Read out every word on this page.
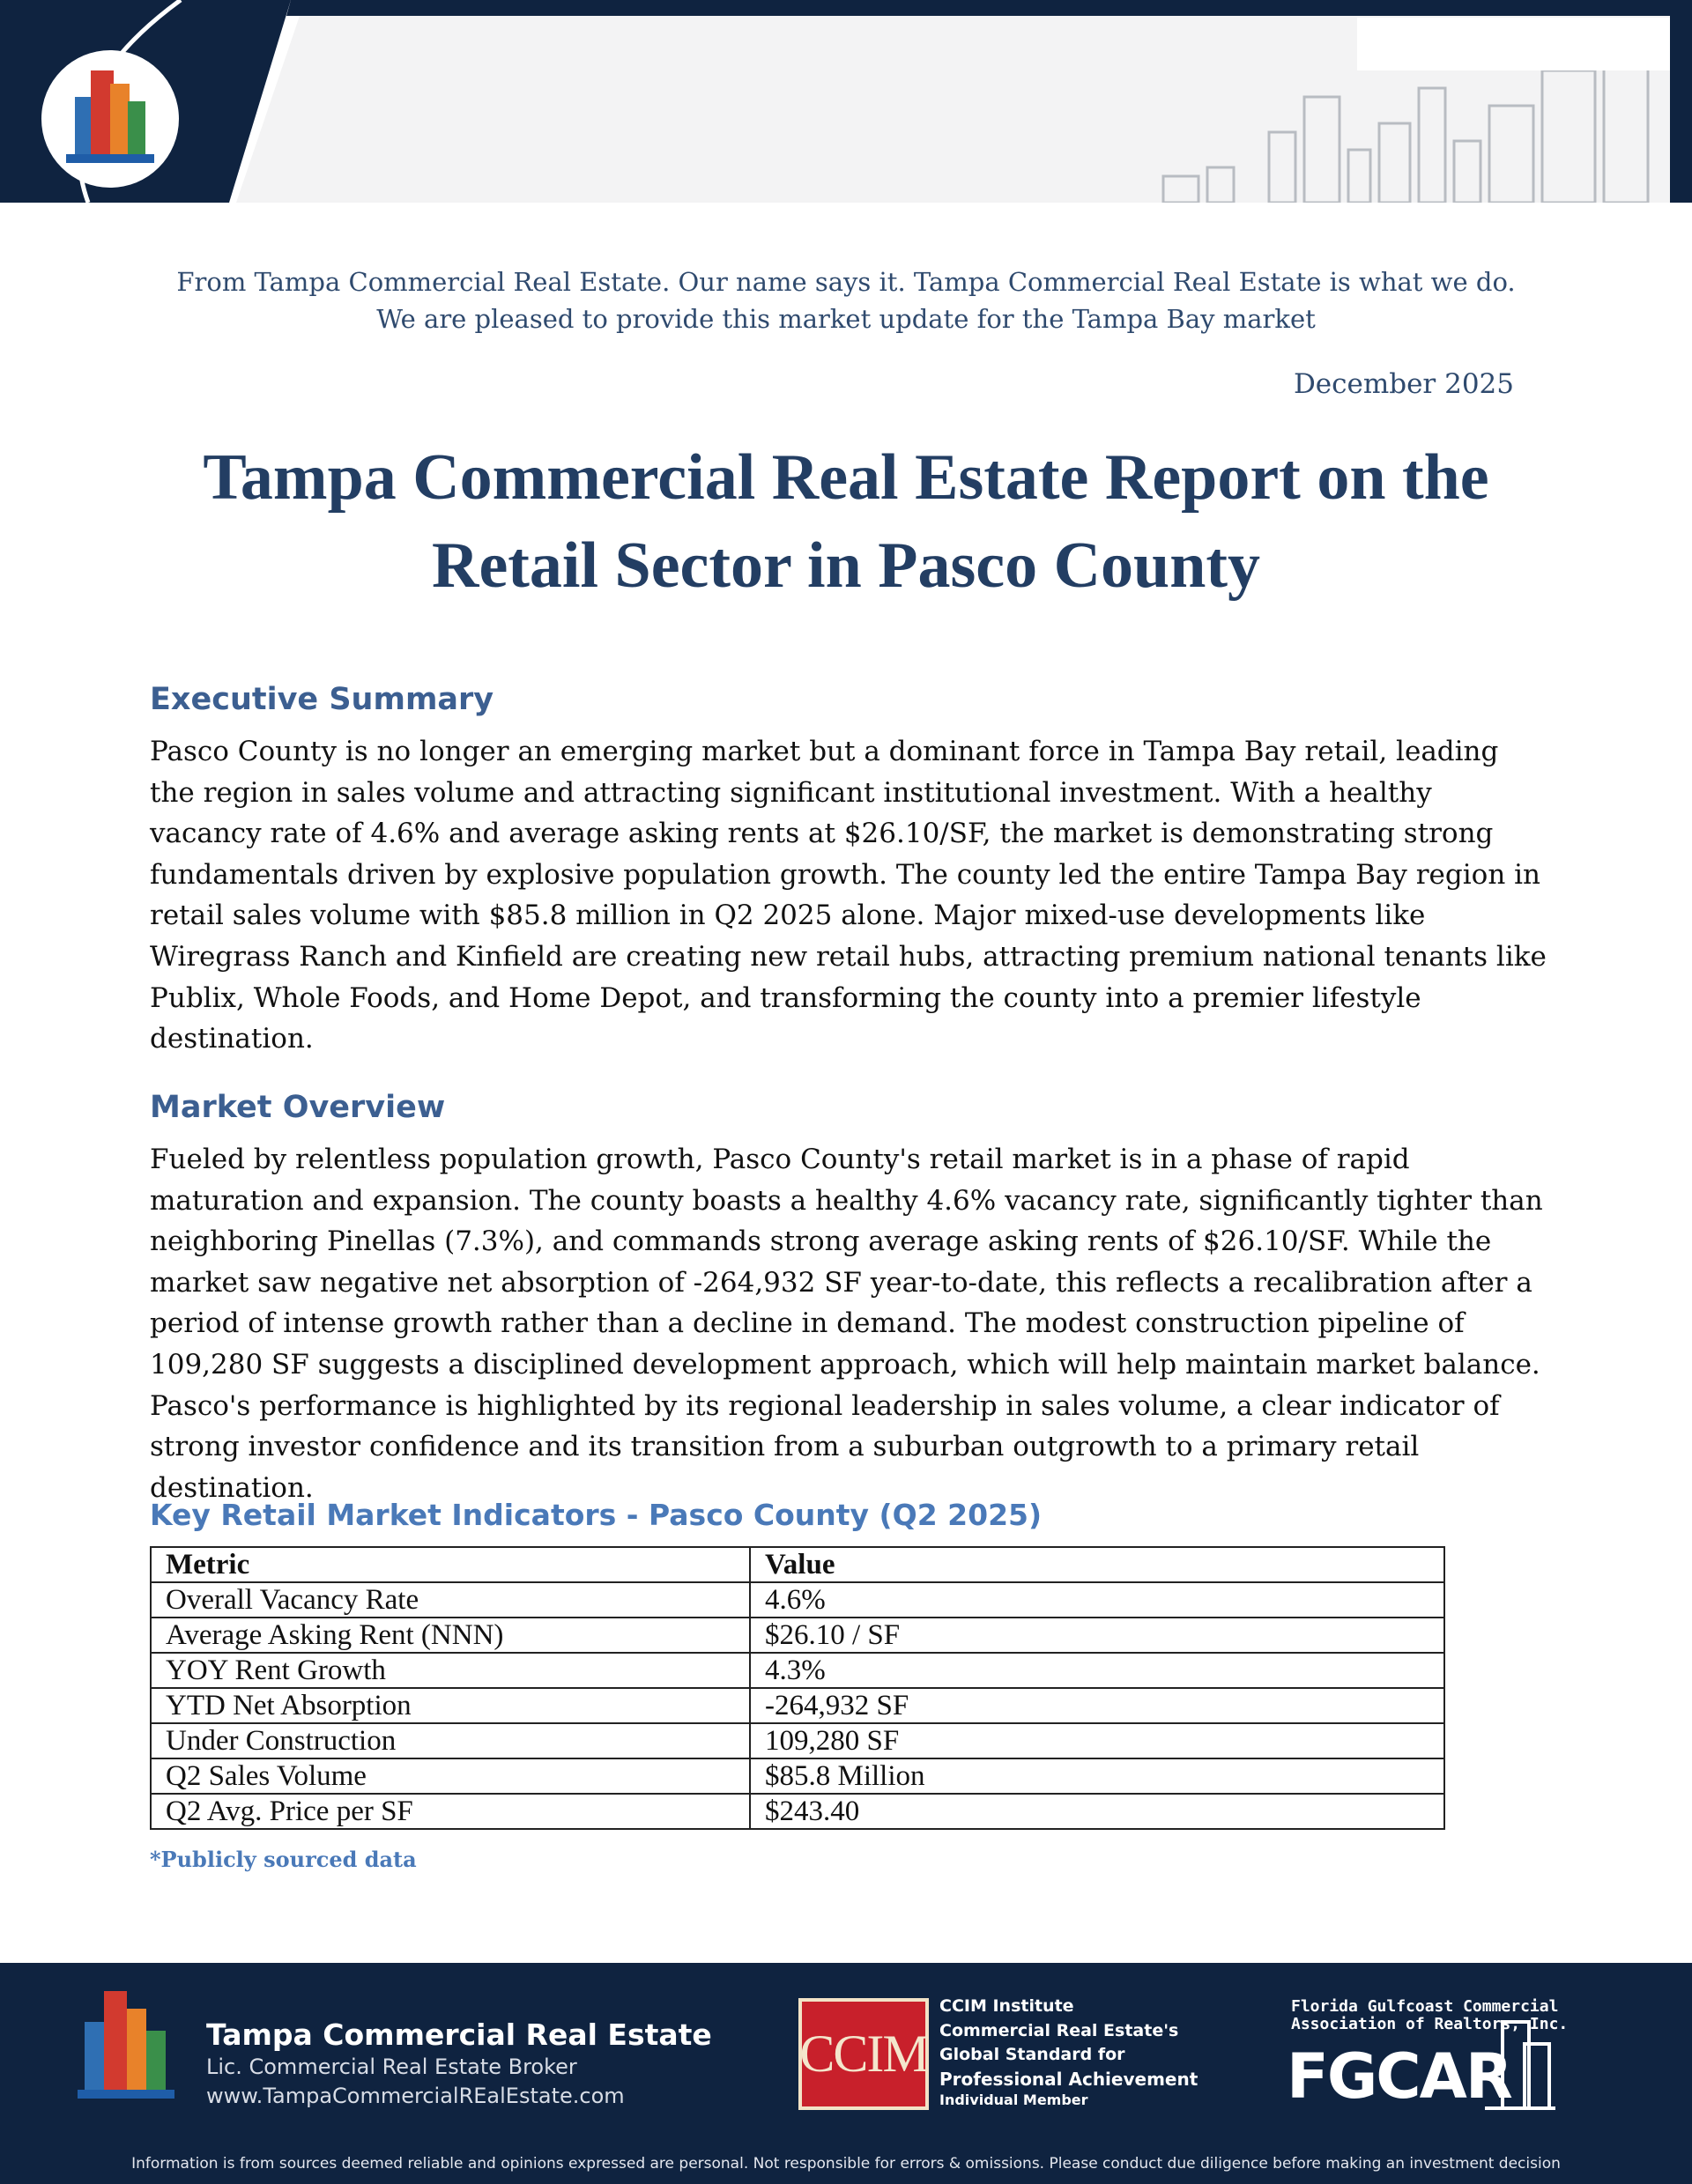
From Tampa Commercial Real Estate. Our name says it. Tampa Commercial Real Estate is what we do.
We are pleased to provide this market update for the Tampa Bay market
December 2025
Tampa Commercial Real Estate Report on the
Retail Sector in Pasco County
Executive Summary
Pasco County is no longer an emerging market but a dominant force in Tampa Bay retail, leading the region in sales volume and attracting significant institutional investment. With a healthy vacancy rate of 4.6% and average asking rents at $26.10/SF, the market is demonstrating strong fundamentals driven by explosive population growth. The county led the entire Tampa Bay region in retail sales volume with $85.8 million in Q2 2025 alone. Major mixed-use developments like Wiregrass Ranch and Kinfield are creating new retail hubs, attracting premium national tenants like Publix, Whole Foods, and Home Depot, and transforming the county into a premier lifestyle destination.
Market Overview
Fueled by relentless population growth, Pasco County's retail market is in a phase of rapid maturation and expansion. The county boasts a healthy 4.6% vacancy rate, significantly tighter than neighboring Pinellas (7.3%), and commands strong average asking rents of $26.10/SF. While the market saw negative net absorption of -264,932 SF year-to-date, this reflects a recalibration after a period of intense growth rather than a decline in demand. The modest construction pipeline of 109,280 SF suggests a disciplined development approach, which will help maintain market balance. Pasco's performance is highlighted by its regional leadership in sales volume, a clear indicator of strong investor confidence and its transition from a suburban outgrowth to a primary retail destination.
Key Retail Market Indicators - Pasco County (Q2 2025)
Metric	Value
Overall Vacancy Rate	4.6%
Average Asking Rent (NNN)	$26.10 / SF
YOY Rent Growth	4.3%
YTD Net Absorption	-264,932 SF
Under Construction	109,280 SF
Q2 Sales Volume	$85.8 Million
Q2 Avg. Price per SF	$243.40
*Publicly sourced data
Tampa Commercial Real Estate
Lic. Commercial Real Estate Broker
www.TampaCommercialREalEstate.com
CCIM
CCIM Institute
Commercial Real Estate's
Global Standard for
Professional Achievement
Individual Member
Florida Gulfcoast Commercial
Association of Realtors, Inc.
FGCAR
Information is from sources deemed reliable and opinions expressed are personal. Not responsible for errors & omissions. Please conduct due diligence before making an investment decision
